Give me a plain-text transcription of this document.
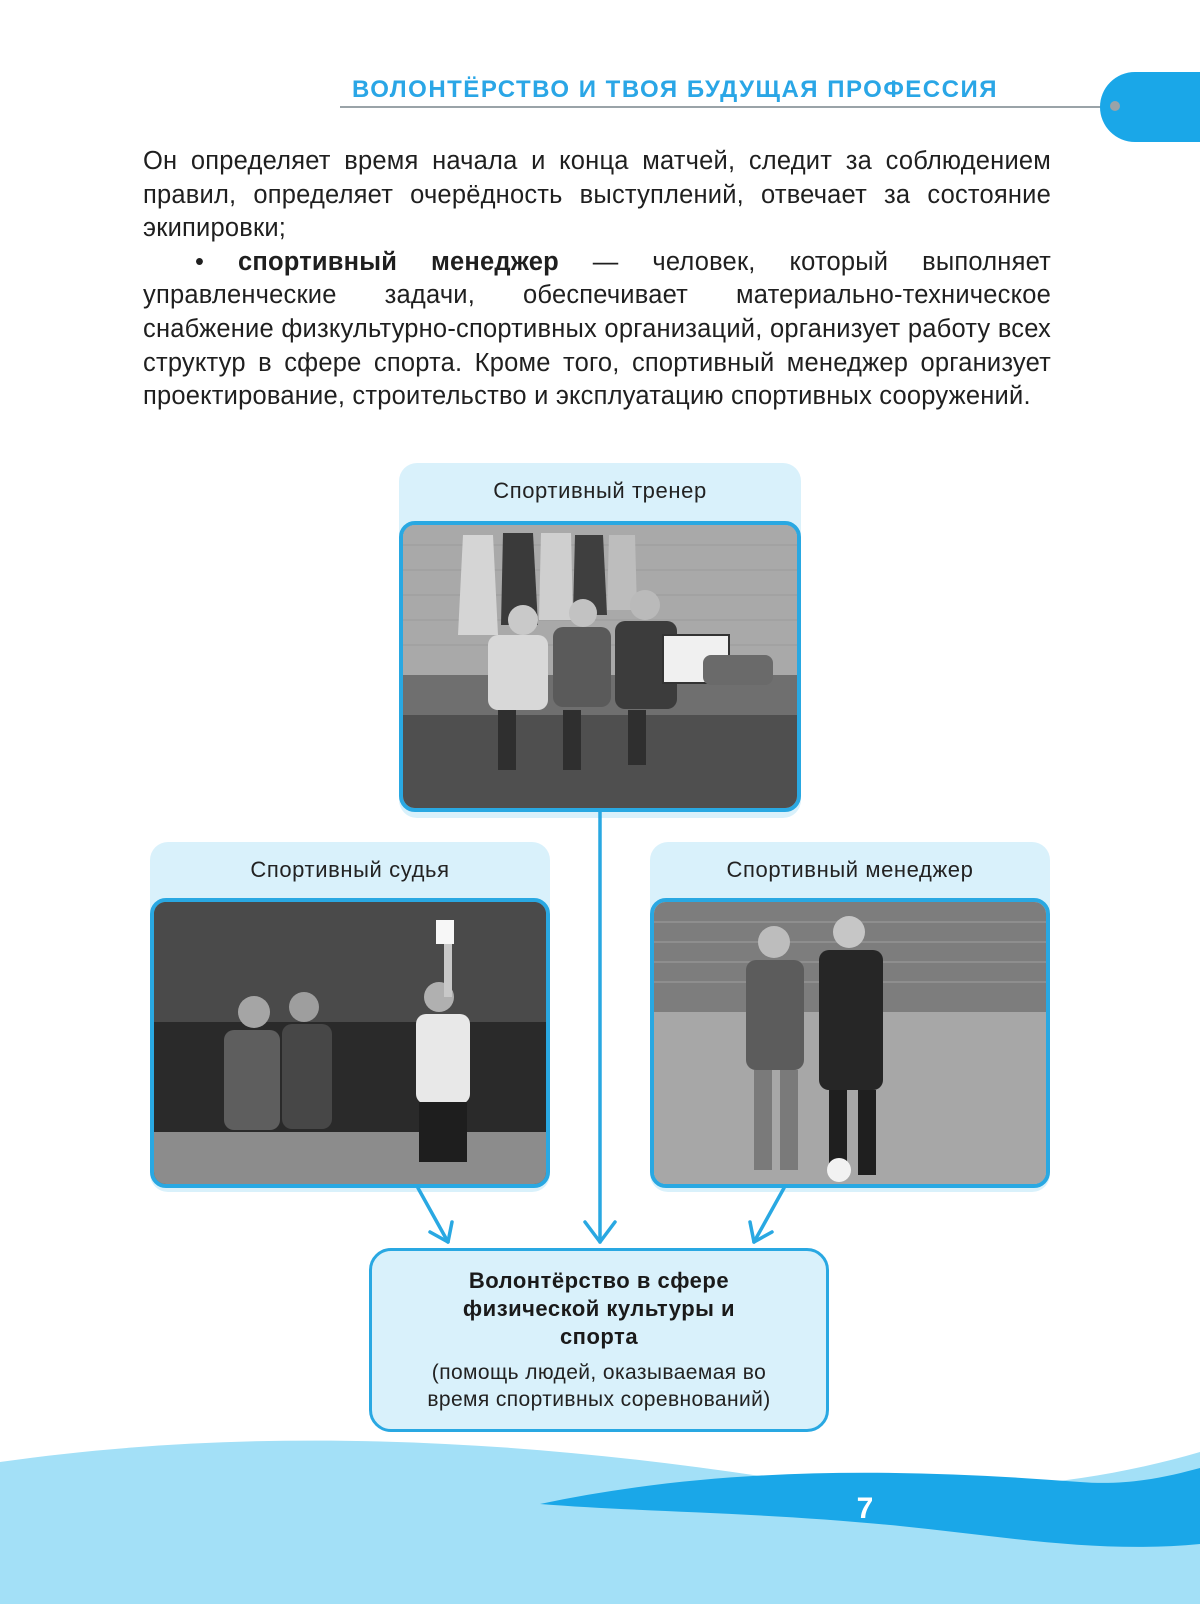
ВОЛОНТЁРСТВО И ТВОЯ БУДУЩАЯ ПРОФЕССИЯ

Он определяет время начала и конца матчей, следит за соблюдением правил, определяет очерёдность выступлений, отвечает за состояние экипировки;

• спортивный менеджер — человек, который выполняет управленческие задачи, обеспечивает материально-техническое снабжение физкультурно-спортивных организаций, организует работу всех структур в сфере спорта. Кроме того, спортивный менеджер организует проектирование, строительство и эксплуатацию спортивных сооружений.

Спортивный тренер
Спортивный судья	Спортивный менеджер
Волонтёрство в сфере физической культуры и спорта
(помощь людей, оказываемая во время спортивных соревнований)
7
